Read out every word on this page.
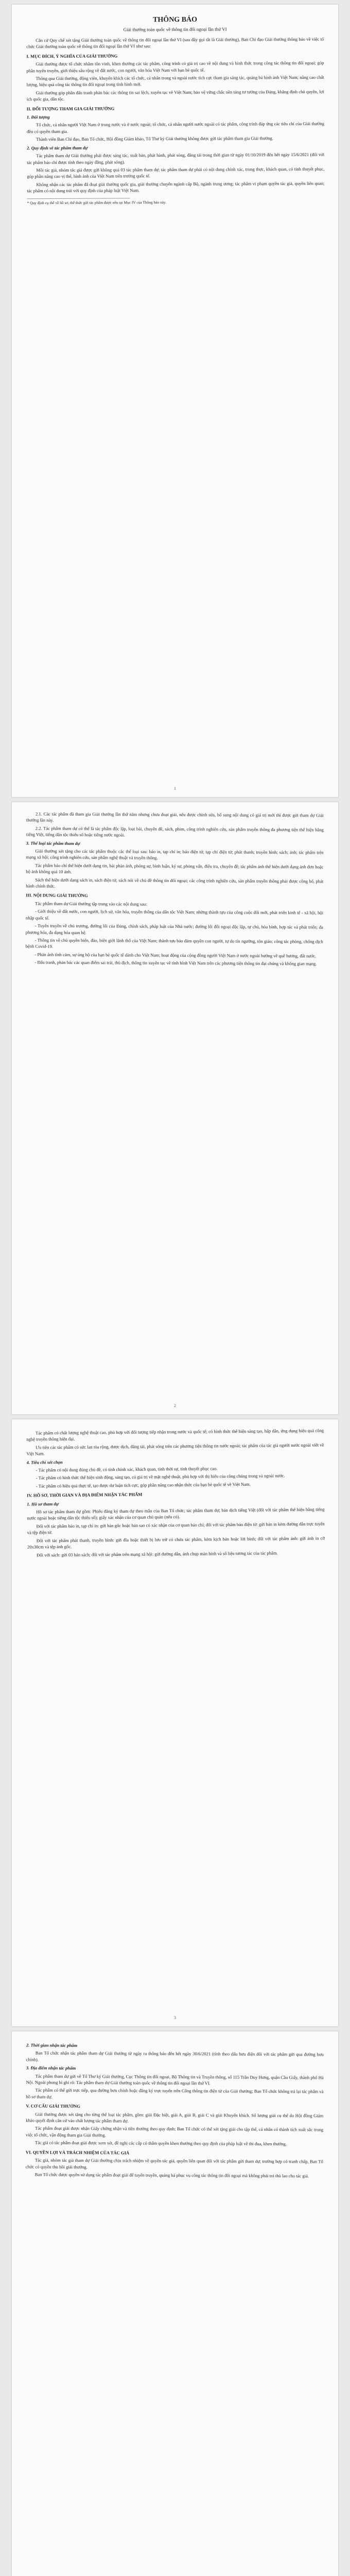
THÔNG BÁO
Giải thưởng toàn quốc về thông tin đối ngoại lần thứ VI

Căn cứ Quy chế xét tặng Giải thưởng toàn quốc về thông tin đối ngoại lần thứ VI (sau đây gọi tắt là Giải thưởng), Ban Chỉ đạo Giải thưởng thông báo về việc tổ chức Giải thưởng toàn quốc về thông tin đối ngoại lần thứ VI như sau:

I. MỤC ĐÍCH, Ý NGHĨA CỦA GIẢI THƯỞNG

Giải thưởng được tổ chức nhằm tôn vinh, khen thưởng các tác phẩm, công trình có giá trị cao về nội dung và hình thức trong công tác thông tin đối ngoại; góp phần tuyên truyền, giới thiệu sâu rộng về đất nước, con người, văn hóa Việt Nam với bạn bè quốc tế.

Thông qua Giải thưởng, động viên, khuyến khích các tổ chức, cá nhân trong và ngoài nước tích cực tham gia sáng tác, quảng bá hình ảnh Việt Nam; nâng cao chất lượng, hiệu quả công tác thông tin đối ngoại trong tình hình mới.

Giải thưởng góp phần đấu tranh phản bác các thông tin sai lệch, xuyên tạc về Việt Nam; bảo vệ vững chắc nền tảng tư tưởng của Đảng, khẳng định chủ quyền, lợi ích quốc gia, dân tộc.

II. ĐỐI TƯỢNG THAM GIA GIẢI THƯỞNG
1. Đối tượng

Tổ chức, cá nhân người Việt Nam ở trong nước và ở nước ngoài; tổ chức, cá nhân người nước ngoài có tác phẩm, công trình đáp ứng các tiêu chí của Giải thưởng đều có quyền tham gia.

Thành viên Ban Chỉ đạo, Ban Tổ chức, Hội đồng Giám khảo, Tổ Thư ký Giải thưởng không được gửi tác phẩm tham gia Giải thưởng.

2. Quy định về tác phẩm tham dự

Tác phẩm tham dự Giải thưởng phải được sáng tác, xuất bản, phát hành, phát sóng, đăng tải trong thời gian từ ngày 01/10/2019 đến hết ngày 15/6/2021 (đối với tác phẩm báo chí được tính theo ngày đăng, phát sóng).

Mỗi tác giả, nhóm tác giả được gửi không quá 03 tác phẩm tham dự; tác phẩm tham dự phải có nội dung chính xác, trung thực, khách quan, có tính thuyết phục, góp phần nâng cao vị thế, hình ảnh của Việt Nam trên trường quốc tế.

Không nhận các tác phẩm đã đoạt giải thưởng quốc gia, giải thưởng chuyên ngành cấp Bộ, ngành trung ương; tác phẩm vi phạm quyền tác giả, quyền liên quan; tác phẩm có nội dung trái với quy định của pháp luật Việt Nam.

* Quy định cụ thể về hồ sơ, thể thức gửi tác phẩm được nêu tại Mục IV của Thông báo này.

1

2.1. Các tác phẩm đã tham gia Giải thưởng lần thứ năm nhưng chưa đoạt giải, nếu được chỉnh sửa, bổ sung nội dung có giá trị mới thì được gửi tham dự Giải thưởng lần này.

2.2. Tác phẩm tham dự có thể là tác phẩm độc lập, loạt bài, chuyên đề, sách, phim, công trình nghiên cứu, sản phẩm truyền thông đa phương tiện thể hiện bằng tiếng Việt, tiếng dân tộc thiểu số hoặc tiếng nước ngoài.

3. Thể loại tác phẩm tham dự

Giải thưởng xét tặng cho các tác phẩm thuộc các thể loại sau: báo in, tạp chí in; báo điện tử, tạp chí điện tử; phát thanh; truyền hình; sách; ảnh; tác phẩm trên mạng xã hội; công trình nghiên cứu, sản phẩm nghệ thuật và truyền thông.

Tác phẩm báo chí thể hiện dưới dạng tin, bài phản ánh, phóng sự, bình luận, ký sự, phỏng vấn, điều tra, chuyên đề; tác phẩm ảnh thể hiện dưới dạng ảnh đơn hoặc bộ ảnh không quá 10 ảnh.

Sách thể hiện dưới dạng sách in, sách điện tử, sách nói về chủ đề thông tin đối ngoại; các công trình nghiên cứu, sản phẩm truyền thông phải được công bố, phát hành chính thức.

III. NỘI DUNG GIẢI THƯỞNG

Tác phẩm tham dự Giải thưởng tập trung vào các nội dung sau:

- Giới thiệu về đất nước, con người, lịch sử, văn hóa, truyền thống của dân tộc Việt Nam; những thành tựu của công cuộc đổi mới, phát triển kinh tế - xã hội, hội nhập quốc tế.

- Tuyên truyền về chủ trương, đường lối của Đảng, chính sách, pháp luật của Nhà nước; đường lối đối ngoại độc lập, tự chủ, hòa bình, hợp tác và phát triển; đa phương hóa, đa dạng hóa quan hệ.

- Thông tin về chủ quyền biển, đảo, biên giới lãnh thổ của Việt Nam; thành tựu bảo đảm quyền con người, tự do tín ngưỡng, tôn giáo; công tác phòng, chống dịch bệnh Covid-19.

- Phản ánh tình cảm, sự ủng hộ của bạn bè quốc tế dành cho Việt Nam; hoạt động của cộng đồng người Việt Nam ở nước ngoài hướng về quê hương, đất nước.

- Đấu tranh, phản bác các quan điểm sai trái, thù địch, thông tin xuyên tạc về tình hình Việt Nam trên các phương tiện thông tin đại chúng và không gian mạng.

2

Tác phẩm có chất lượng nghệ thuật cao, phù hợp với đối tượng tiếp nhận trong nước và quốc tế; có hình thức thể hiện sáng tạo, hấp dẫn, ứng dụng hiệu quả công nghệ truyền thông hiện đại.

Ưu tiên các tác phẩm có sức lan tỏa rộng, được dịch, đăng tải, phát sóng trên các phương tiện thông tin nước ngoài; tác phẩm của tác giả người nước ngoài viết về Việt Nam.

4. Tiêu chí xét chọn

- Tác phẩm có nội dung đúng chủ đề, có tính chính xác, khách quan, tính thời sự, tính thuyết phục cao.

- Tác phẩm có hình thức thể hiện sinh động, sáng tạo, có giá trị về mặt nghệ thuật, phù hợp với thị hiếu của công chúng trong và ngoài nước.

- Tác phẩm có hiệu quả thực tế, tạo được dư luận tích cực, góp phần nâng cao nhận thức của bạn bè quốc tế về Việt Nam.

IV. HỒ SƠ, THỜI GIAN VÀ ĐỊA ĐIỂM NHẬN TÁC PHẨM
1. Hồ sơ tham dự

Hồ sơ tác phẩm tham dự gồm: Phiếu đăng ký tham dự theo mẫu của Ban Tổ chức; tác phẩm tham dự; bản dịch tiếng Việt (đối với tác phẩm thể hiện bằng tiếng nước ngoài hoặc tiếng dân tộc thiểu số); giấy xác nhận của cơ quan chủ quản (nếu có).

Đối với tác phẩm báo in, tạp chí in: gửi bản gốc hoặc bản sao có xác nhận của cơ quan báo chí; đối với tác phẩm báo điện tử: gửi bản in kèm đường dẫn trực tuyến và tệp điện tử.

Đối với tác phẩm phát thanh, truyền hình: gửi đĩa hoặc thiết bị lưu trữ có chứa tác phẩm, kèm kịch bản hoặc lời bình; đối với tác phẩm ảnh: gửi ảnh in cỡ 20x30cm và tệp ảnh gốc.

Đối với sách: gửi 03 bản sách; đối với tác phẩm trên mạng xã hội: gửi đường dẫn, ảnh chụp màn hình và số liệu tương tác của tác phẩm.

3
2. Thời gian nhận tác phẩm

Ban Tổ chức nhận tác phẩm tham dự Giải thưởng từ ngày ra thông báo đến hết ngày 30/6/2021 (tính theo dấu bưu điện đối với tác phẩm gửi qua đường bưu chính).

3. Địa điểm nhận tác phẩm

Tác phẩm tham dự gửi về Tổ Thư ký Giải thưởng, Cục Thông tin đối ngoại, Bộ Thông tin và Truyền thông, số 115 Trần Duy Hưng, quận Cầu Giấy, thành phố Hà Nội. Ngoài phong bì ghi rõ: Tác phẩm tham dự Giải thưởng toàn quốc về thông tin đối ngoại lần thứ VI.

Tác phẩm có thể gửi trực tiếp, qua đường bưu chính hoặc đăng ký trực tuyến trên Cổng thông tin điện tử của Giải thưởng; Ban Tổ chức không trả lại tác phẩm và hồ sơ tham dự.

V. CƠ CẤU GIẢI THƯỞNG

Giải thưởng được xét tặng cho từng thể loại tác phẩm, gồm: giải Đặc biệt, giải A, giải B, giải C và giải Khuyến khích. Số lượng giải cụ thể do Hội đồng Giám khảo quyết định căn cứ vào chất lượng tác phẩm tham dự.

Tác phẩm đoạt giải được nhận Giấy chứng nhận và tiền thưởng theo quy định; Ban Tổ chức có thể xét tặng giải cho tập thể, cá nhân có thành tích xuất sắc trong việc tổ chức, vận động tham gia Giải thưởng.

Tác giả có tác phẩm đoạt giải được xem xét, đề nghị các cấp có thẩm quyền khen thưởng theo quy định của pháp luật về thi đua, khen thưởng.

VI. QUYỀN LỢI VÀ TRÁCH NHIỆM CỦA TÁC GIẢ

Tác giả, nhóm tác giả tham dự Giải thưởng chịu trách nhiệm về quyền tác giả, quyền liên quan đối với tác phẩm gửi tham dự; trường hợp có tranh chấp, Ban Tổ chức có quyền thu hồi giải thưởng.

Ban Tổ chức được quyền sử dụng tác phẩm đoạt giải để tuyên truyền, quảng bá phục vụ công tác thông tin đối ngoại mà không phải trả thù lao cho tác giả.
